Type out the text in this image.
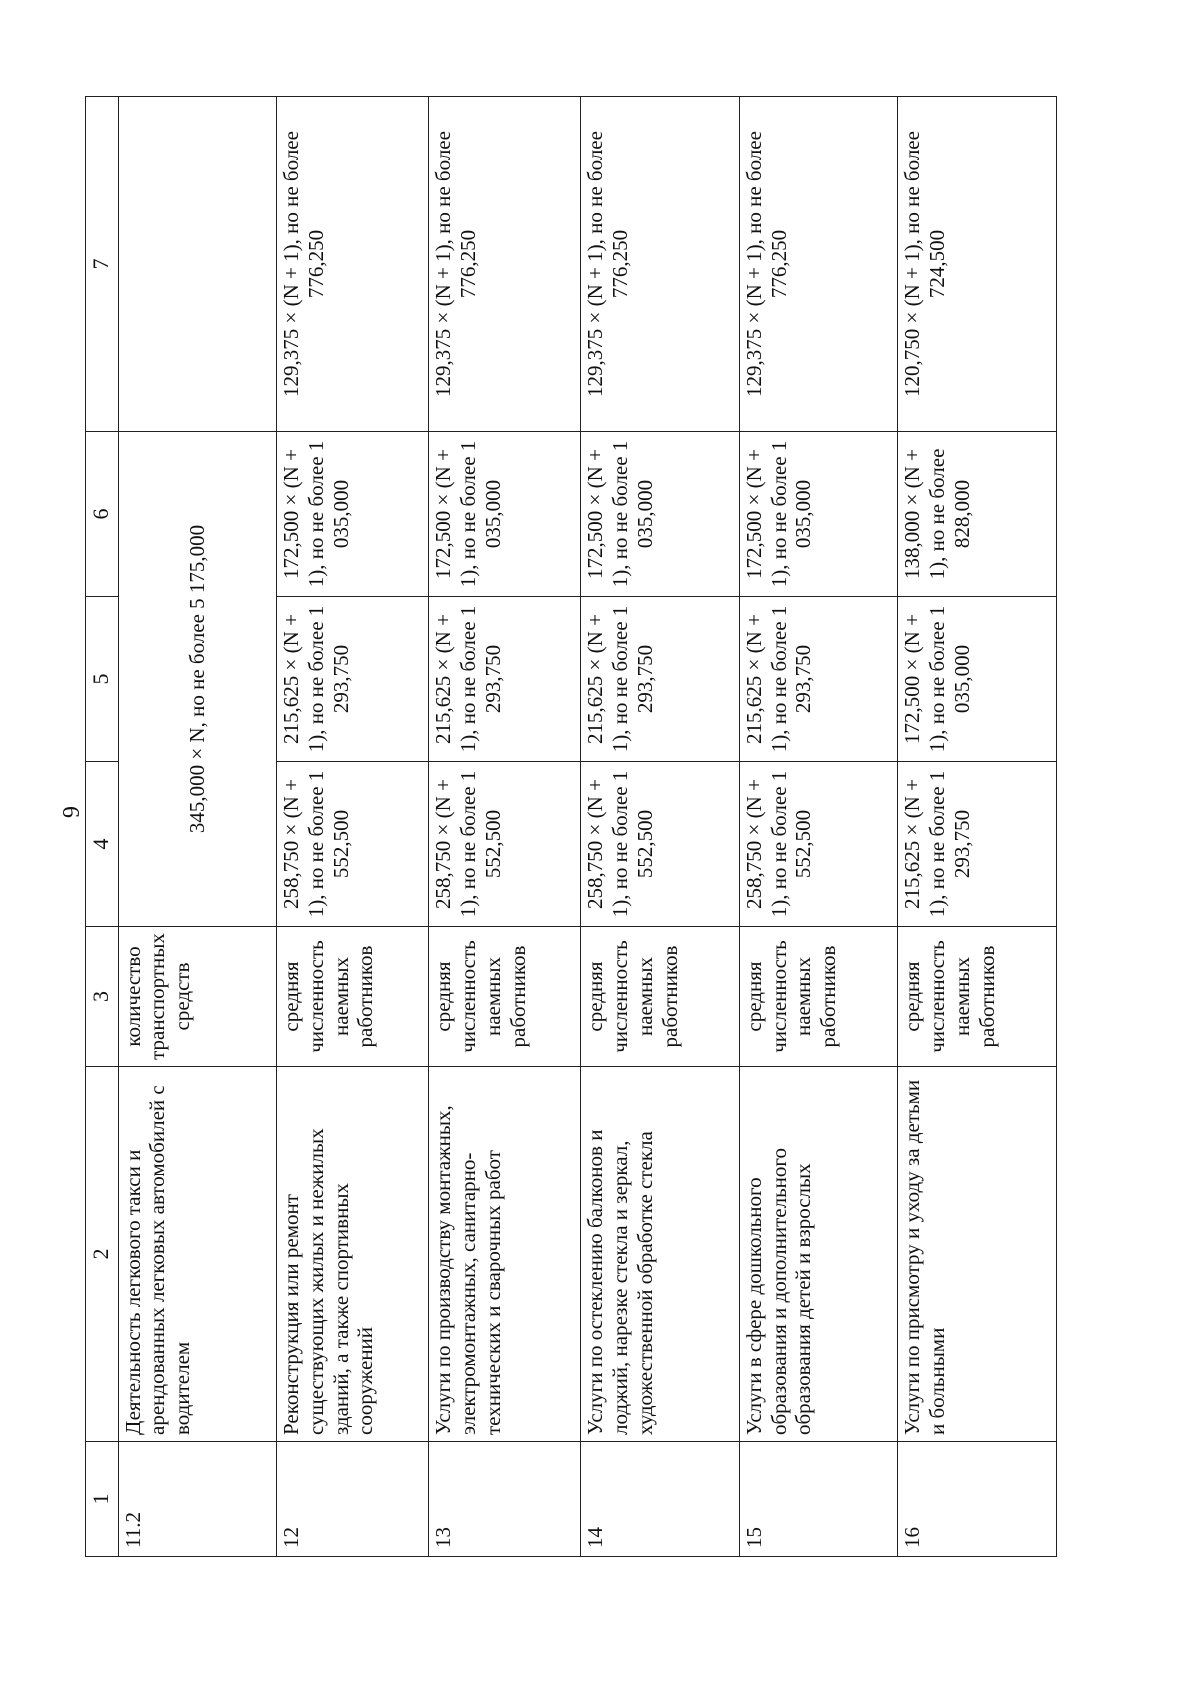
6
1	2	3	4	5	6	7
11.2	Деятельность легкового такси и арендованных легковых автомобилей с водителем	количество транспортных средств	345,000 × N, но не более 5 175,000			
12	Реконструкция или ремонт существующих жилых и нежилых зданий, а также спортивных сооружений	средняя численность наемных работников	258,750 × (N + 1), но не более 1 552,500	215,625 × (N + 1), но не более 1 293,750	172,500 × (N + 1), но не более 1 035,000	129,375 × (N + 1), но не более 776,250
13	Услуги по производству монтажных, электромонтажных, санитарно-технических и сварочных работ	средняя численность наемных работников	258,750 × (N + 1), но не более 1 552,500	215,625 × (N + 1), но не более 1 293,750	172,500 × (N + 1), но не более 1 035,000	129,375 × (N + 1), но не более 776,250
14	Услуги по остеклению балконов и лоджий, нарезке стекла и зеркал, художественной обработке стекла	средняя численность наемных работников	258,750 × (N + 1), но не более 1 552,500	215,625 × (N + 1), но не более 1 293,750	172,500 × (N + 1), но не более 1 035,000	129,375 × (N + 1), но не более 776,250
15	Услуги в сфере дошкольного образования и дополнительного образования детей и взрослых	средняя численность наемных работников	258,750 × (N + 1), но не более 1 552,500	215,625 × (N + 1), но не более 1 293,750	172,500 × (N + 1), но не более 1 035,000	129,375 × (N + 1), но не более 776,250
16	Услуги по присмотру и уходу за детьми и больными	средняя численность наемных работников	215,625 × (N + 1), но не более 1 293,750	172,500 × (N + 1), но не более 1 035,000	138,000 × (N + 1), но не более 828,000	120,750 × (N + 1), но не более 724,500
